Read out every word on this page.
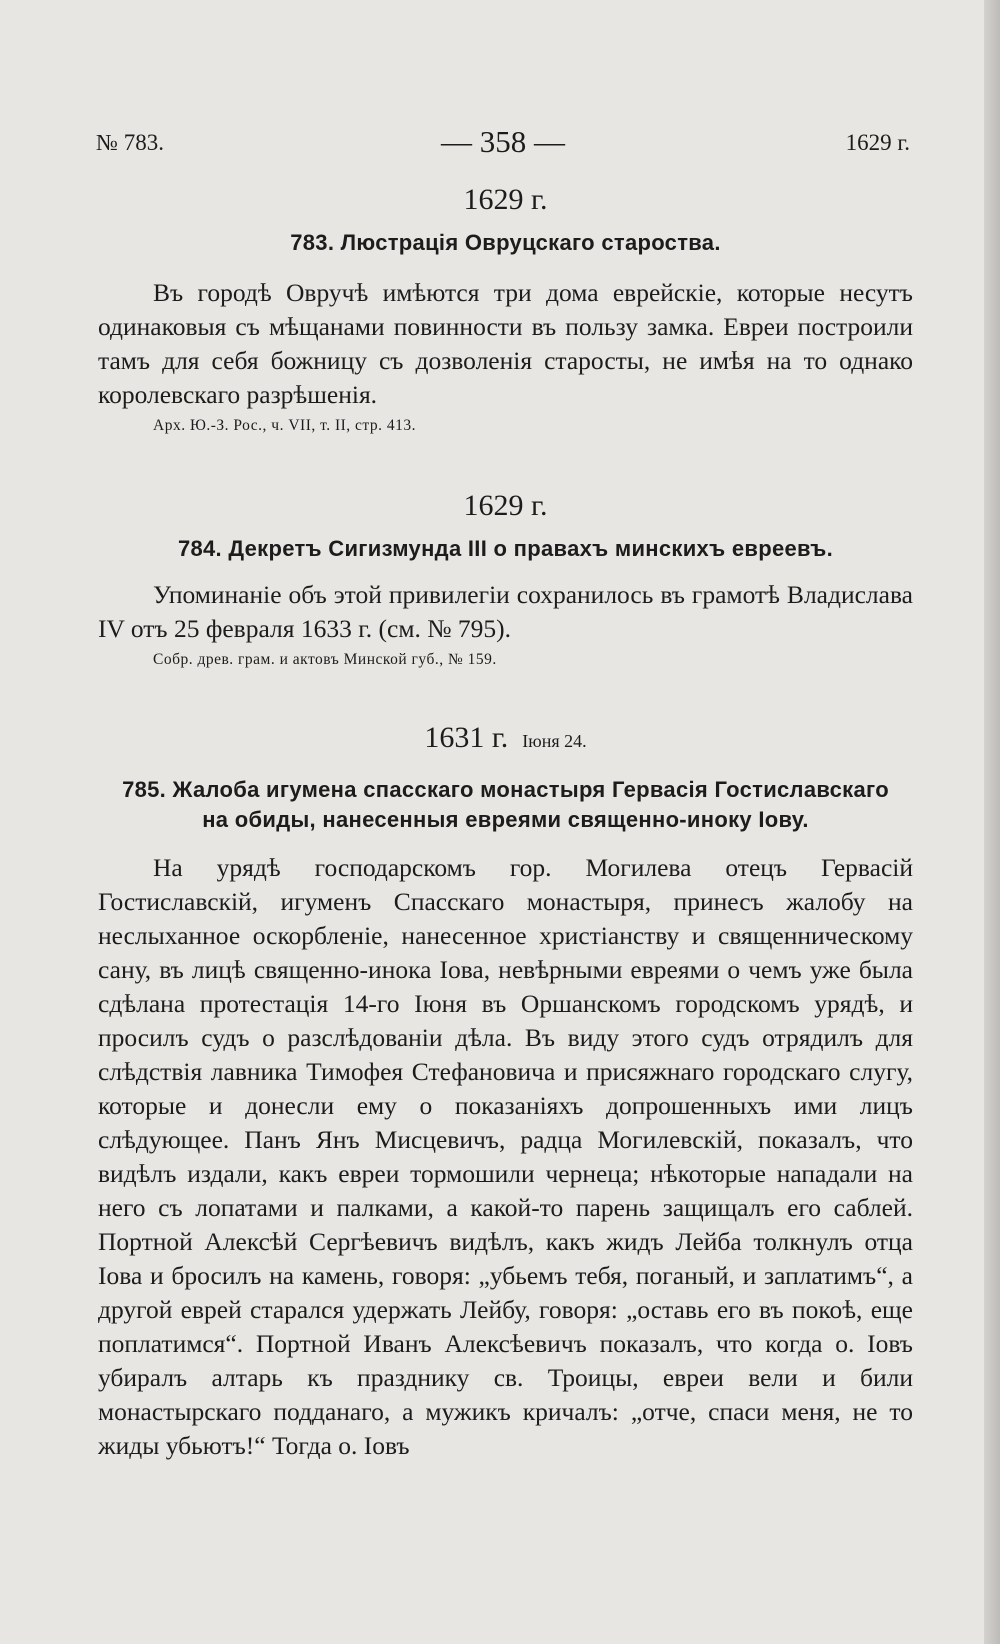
№ 783.	— 358 —	1629 г.
1629 г.
783. Люстрація Овруцскаго староства.

Въ городѣ Овручѣ имѣются три дома еврейскіе, которые несутъ одинаковыя съ мѣщанами повинности въ пользу замка. Евреи построили тамъ для себя божницу съ дозволенія старосты, не имѣя на то однако королевскаго разрѣшенія.

Арх. Ю.-З. Рос., ч. VII, т. II, стр. 413.
1629 г.
784. Декретъ Сигизмунда III о правахъ минскихъ евреевъ.

Упоминаніе объ этой привилегіи сохранилось въ грамотѣ Владислава IV отъ 25 февраля 1633 г. (см. № 795).

Собр. древ. грам. и актовъ Минской губ., № 159.
1631 г. Іюня 24.
785. Жалоба игумена спасскаго монастыря Гервасія Гостиславскаго
на обиды, нанесенныя евреями священно-иноку Іову.

На урядѣ господарскомъ гор. Могилева отецъ Гервасій Гостиславскій, игуменъ Спасскаго монастыря, принесъ жалобу на неслыханное оскорбленіе, нанесенное христіанству и священническому сану, въ лицѣ священно-инока Іова, невѣрными евреями о чемъ уже была сдѣлана протестація 14-го Іюня въ Оршанскомъ городскомъ урядѣ, и просилъ судъ о разслѣдованіи дѣла. Въ виду этого судъ отрядилъ для слѣдствія лавника Тимофея Стефановича и присяжнаго городскаго слугу, которые и донесли ему о показаніяхъ допрошенныхъ ими лицъ слѣдующее. Панъ Янъ Мисцевичъ, радца Могилевскій, показалъ, что видѣлъ издали, какъ евреи тормошили чернеца; нѣкоторые нападали на него съ лопатами и палками, а какой-то парень защищалъ его саблей. Портной Алексѣй Сергѣевичъ видѣлъ, какъ жидъ Лейба толкнулъ отца Іова и бросилъ на камень, говоря: „убьемъ тебя, поганый, и заплатимъ“, а другой еврей старался удержать Лейбу, говоря: „оставь его въ покоѣ, еще поплатимся“. Портной Иванъ Алексѣевичъ показалъ, что когда о. Іовъ убиралъ алтарь къ празднику св. Троицы, евреи вели и били монастырскаго подданаго, а мужикъ кричалъ: „отче, спаси меня, не то жиды убьютъ!“ Тогда о. Іовъ
